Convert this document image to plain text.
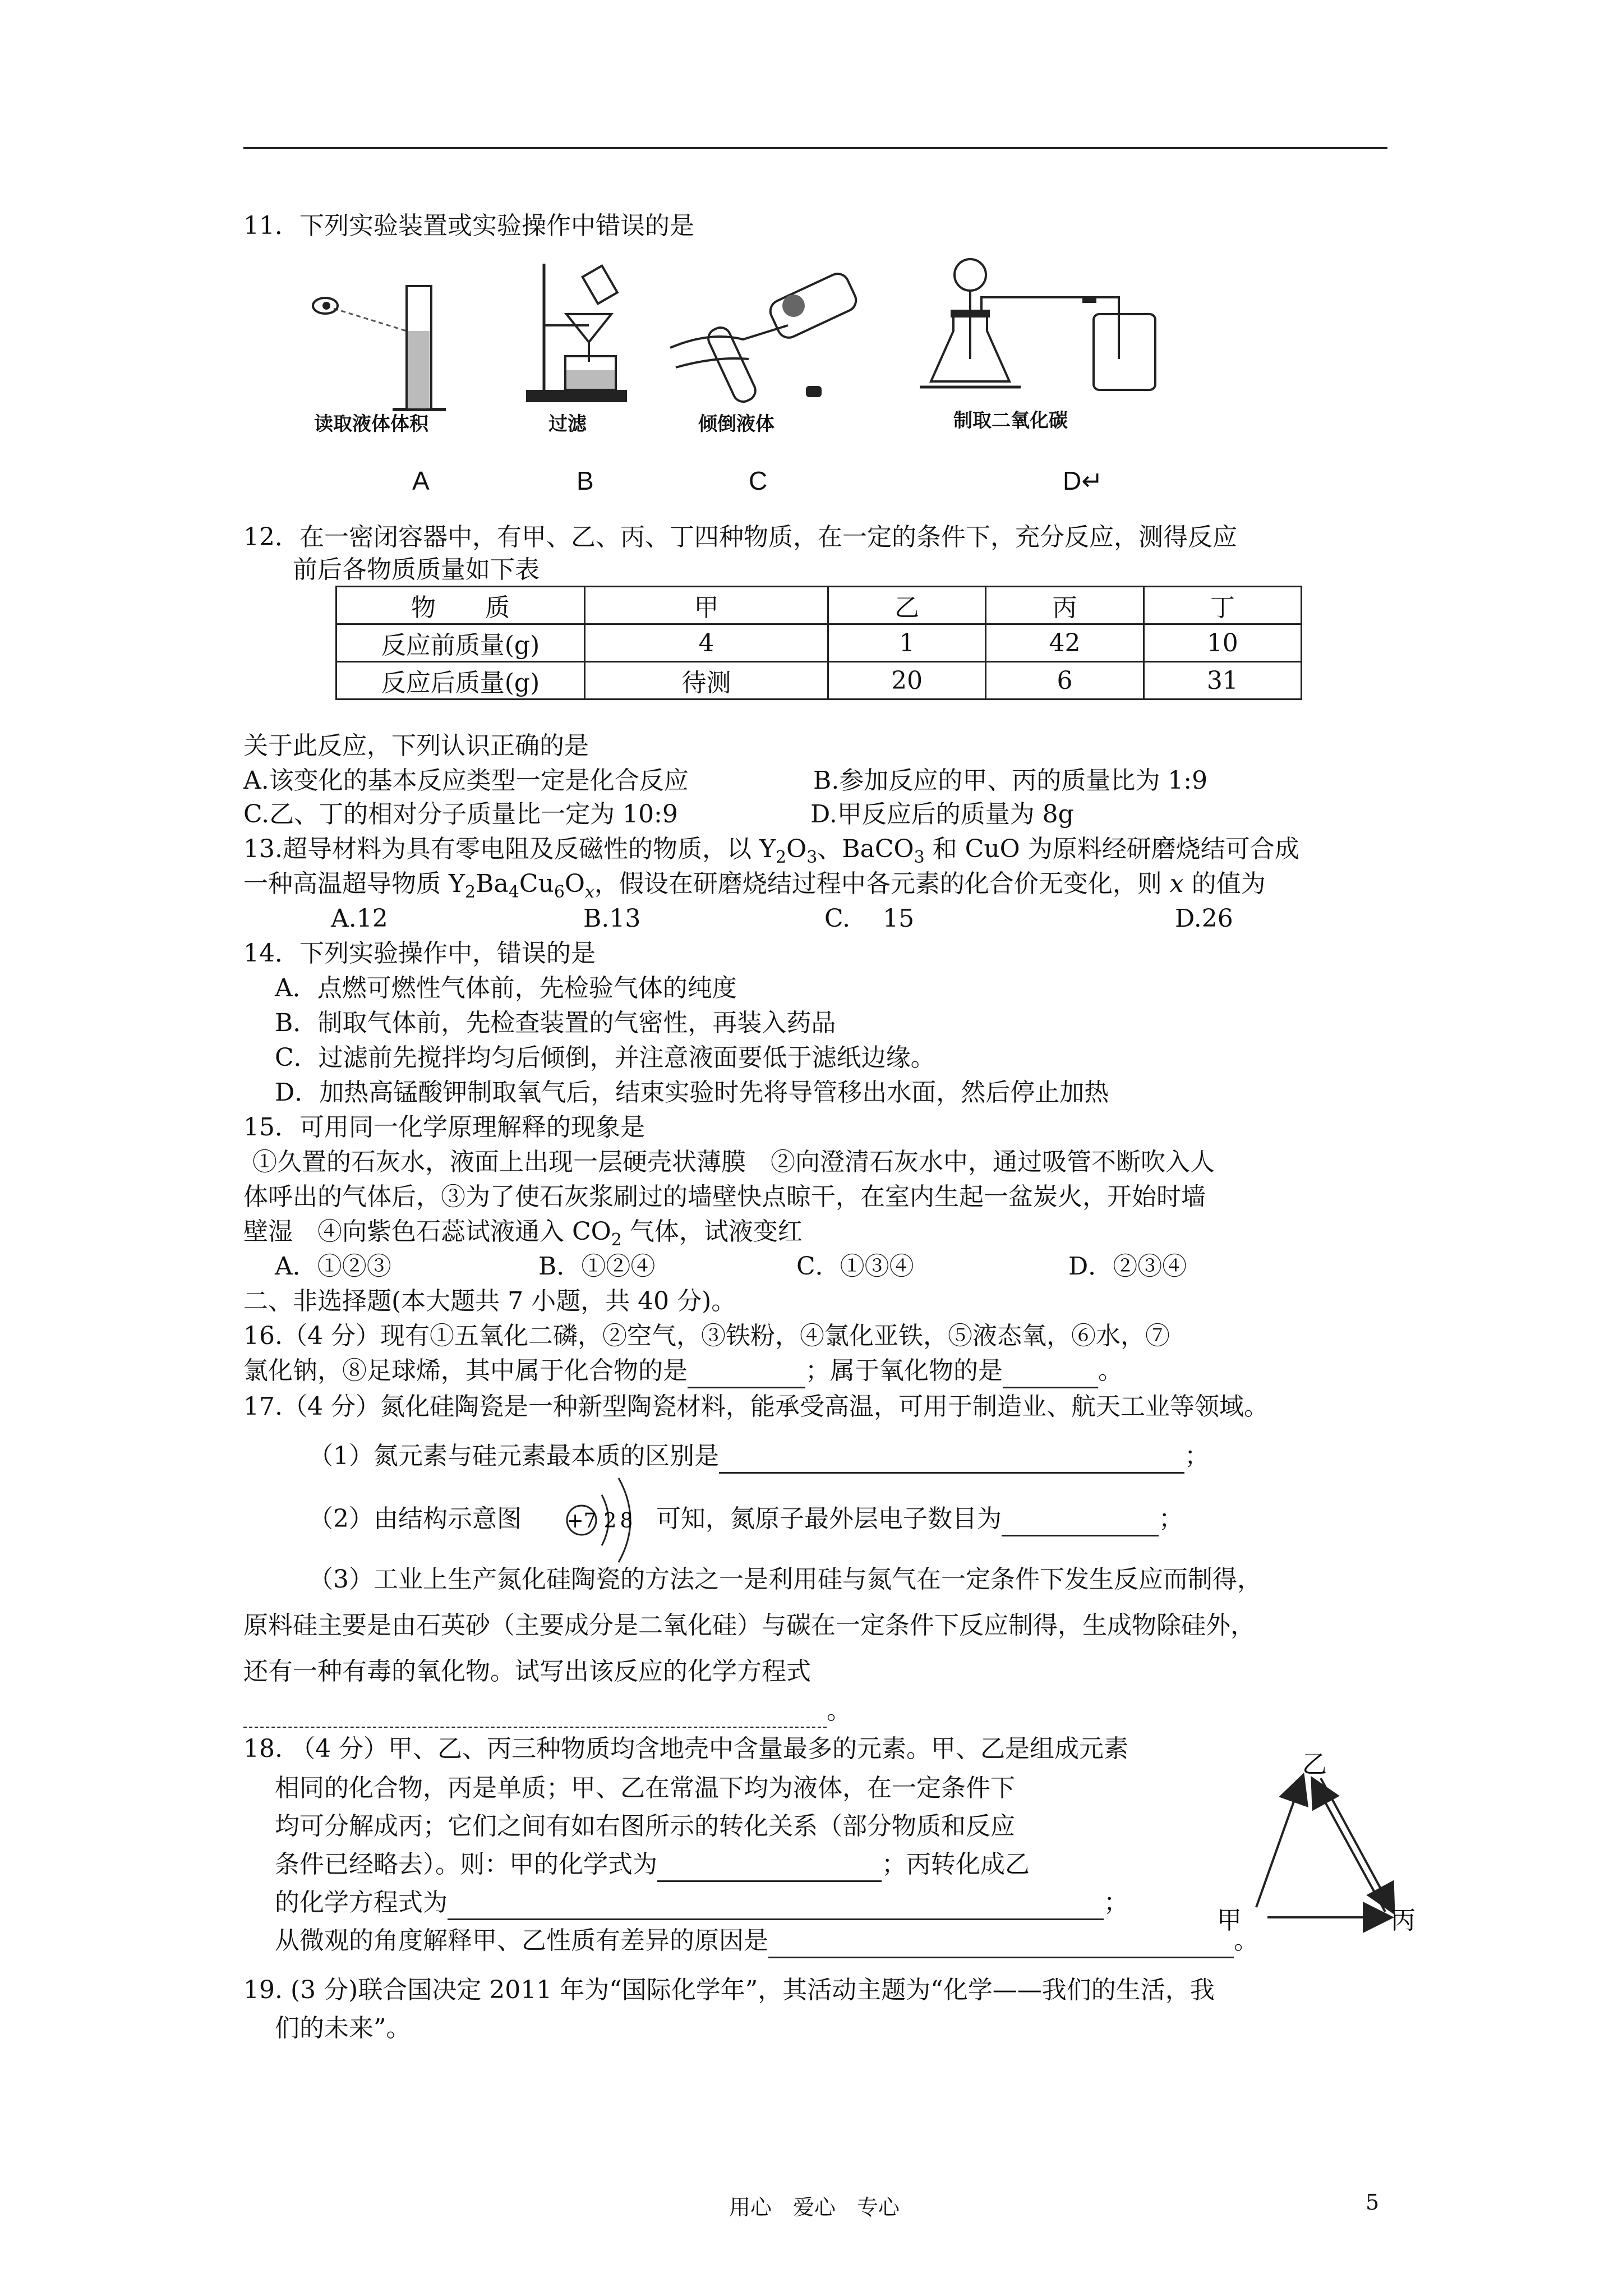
11．下列实验装置或实验操作中错误的是
读取液体体积
A
过滤
B
倾倒液体
C
制取二氧化碳
D↵
12．在一密闭容器中，有甲、乙、丙、丁四种物质，在一定的条件下，充分反应，测得反应
前后各物质质量如下表
物　　质	甲	乙	丙	丁
反应前质量(g)	4	1	42	10
反应后质量(g)	待测	20	6	31
关于此反应，下列认识正确的是
A.该变化的基本反应类型一定是化合反应	B.参加反应的甲、丙的质量比为 1:9
C.乙、丁的相对分子质量比一定为 10:9	D.甲反应后的质量为 8g
13.超导材料为具有零电阻及反磁性的物质，以 $Y_2O_3$、BaCO$_3$ 和 CuO 为原料经研磨烧结可合成
一种高温超导物质 $Y_2Ba_4Cu_6O_x$，假设在研磨烧结过程中各元素的化合价无变化，则 x 的值为
A.12	B.13	C.　 15	D.26
14．下列实验操作中，错误的是
A．点燃可燃性气体前，先检验气体的纯度
B．制取气体前，先检查装置的气密性，再装入药品
C．过滤前先搅拌均匀后倾倒，并注意液面要低于滤纸边缘。
D．加热高锰酸钾制取氧气后，结束实验时先将导管移出水面，然后停止加热
15．可用同一化学原理解释的现象是
①久置的石灰水，液面上出现一层硬壳状薄膜　②向澄清石灰水中，通过吸管不断吹入人
体呼出的气体后，③为了使石灰浆刷过的墙壁快点晾干，在室内生起一盆炭火，开始时墙
壁湿　④向紫色石蕊试液通入 $CO_2$ 气体，试液变红
A．①②③	B．①②④	C．①③④	D．②③④
二、非选择题(本大题共 7 小题，共 40 分)。
16.（4 分）现有①五氧化二磷，②空气，③铁粉，④氯化亚铁，⑤液态氧，⑥水，⑦
氯化钠，⑧足球烯，其中属于化合物的是	；属于氧化物的是	。
17.（4 分）氮化硅陶瓷是一种新型陶瓷材料，能承受高温，可用于制造业、航天工业等领域。
（1）氮元素与硅元素最本质的区别是	；
（2）由结构示意图 +7 2 8 可知，氮原子最外层电子数目为	；
（3）工业上生产氮化硅陶瓷的方法之一是利用硅与氮气在一定条件下发生反应而制得，
原料硅主要是由石英砂（主要成分是二氧化硅）与碳在一定条件下反应制得，生成物除硅外，
还有一种有毒的氧化物。试写出该反应的化学方程式
。
18. （4 分）甲、乙、丙三种物质均含地壳中含量最多的元素。甲、乙是组成元素
相同的化合物，丙是单质；甲、乙在常温下均为液体，在一定条件下
均可分解成丙；它们之间有如右图所示的转化关系（部分物质和反应
条件已经略去）。则：甲的化学式为	；丙转化成乙
的化学方程式为	；
从微观的角度解释甲、乙性质有差异的原因是	。
乙
甲	丙
19. (3 分)联合国决定 2011 年为“国际化学年”，其活动主题为“化学——我们的生活，我
们的未来”。
用心　爱心　专心	5
